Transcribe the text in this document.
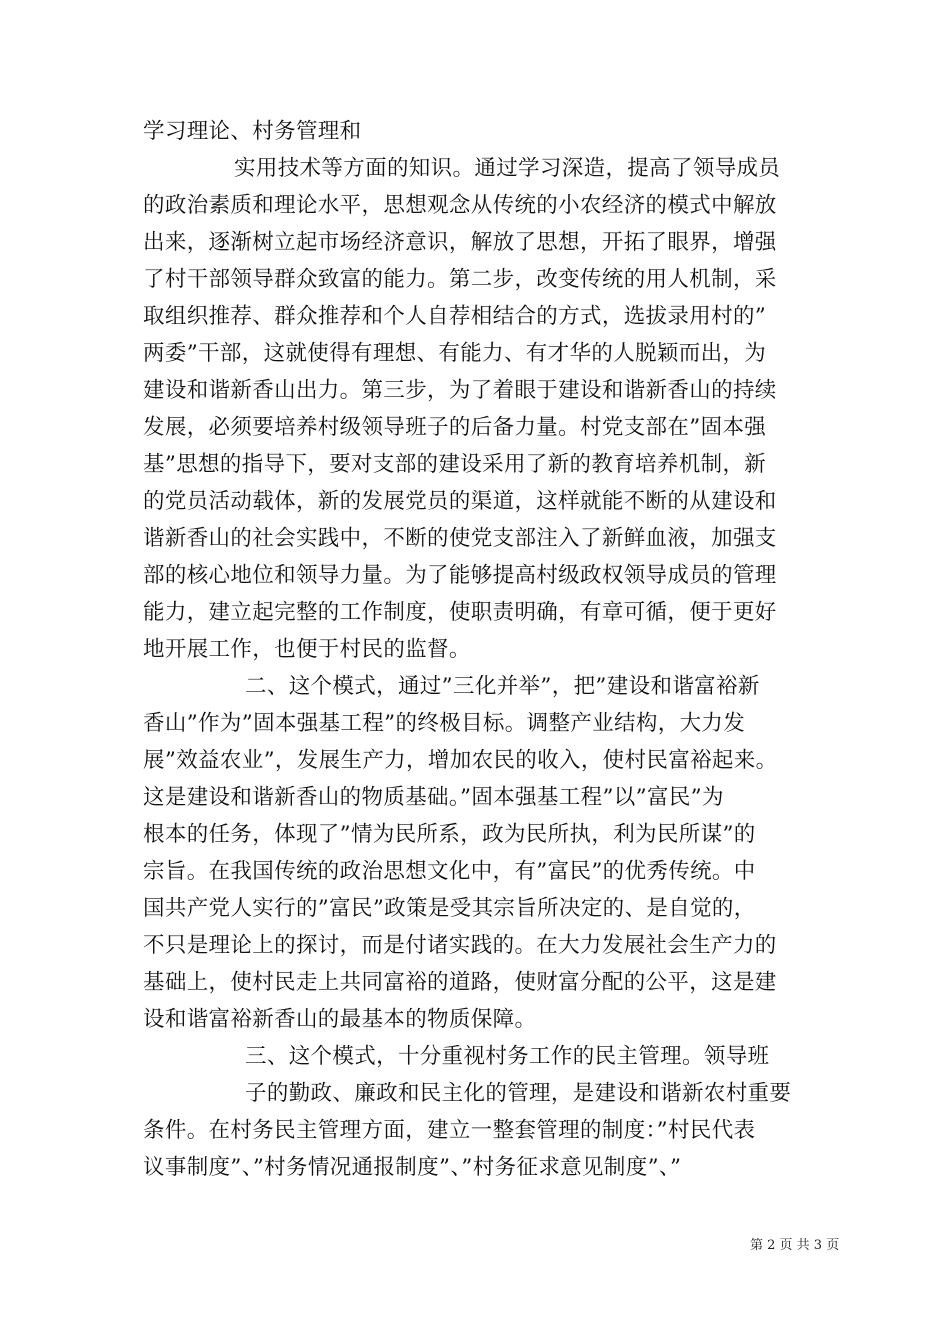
学习理论、村务管理和

实用技术等方面的知识。通过学习深造，提高了领导成员

的政治素质和理论水平，思想观念从传统的小农经济的模式中解放

出来，逐渐树立起市场经济意识，解放了思想，开拓了眼界，增强

了村干部领导群众致富的能力。第二步，改变传统的用人机制，采

取组织推荐、群众推荐和个人自荐相结合的方式，选拔录用村的”

两委”干部，这就使得有理想、有能力、有才华的人脱颖而出，为

建设和谐新香山出力。第三步，为了着眼于建设和谐新香山的持续

发展，必须要培养村级领导班子的后备力量。村党支部在”固本强

基”思想的指导下，要对支部的建设采用了新的教育培养机制，新

的党员活动载体，新的发展党员的渠道，这样就能不断的从建设和

谐新香山的社会实践中，不断的使党支部注入了新鲜血液，加强支

部的核心地位和领导力量。为了能够提高村级政权领导成员的管理

能力，建立起完整的工作制度，使职责明确，有章可循，便于更好

地开展工作，也便于村民的监督。

二、这个模式，通过”三化并举”，把”建设和谐富裕新

香山”作为”固本强基工程”的终极目标。调整产业结构，大力发

展”效益农业”，发展生产力，增加农民的收入，使村民富裕起来。

这是建设和谐新香山的物质基础。”固本强基工程”以”富民”为

根本的任务，体现了”情为民所系，政为民所执，利为民所谋”的

宗旨。在我国传统的政治思想文化中，有”富民”的优秀传统。中

国共产党人实行的”富民”政策是受其宗旨所决定的、是自觉的，

不只是理论上的探讨，而是付诸实践的。在大力发展社会生产力的

基础上，使村民走上共同富裕的道路，使财富分配的公平，这是建

设和谐富裕新香山的最基本的物质保障。

三、这个模式，十分重视村务工作的民主管理。领导班

子的勤政、廉政和民主化的管理，是建设和谐新农村重要

条件。在村务民主管理方面，建立一整套管理的制度：”村民代表

议事制度”、”村务情况通报制度”、”村务征求意见制度”、”

第 2 页 共 3 页
